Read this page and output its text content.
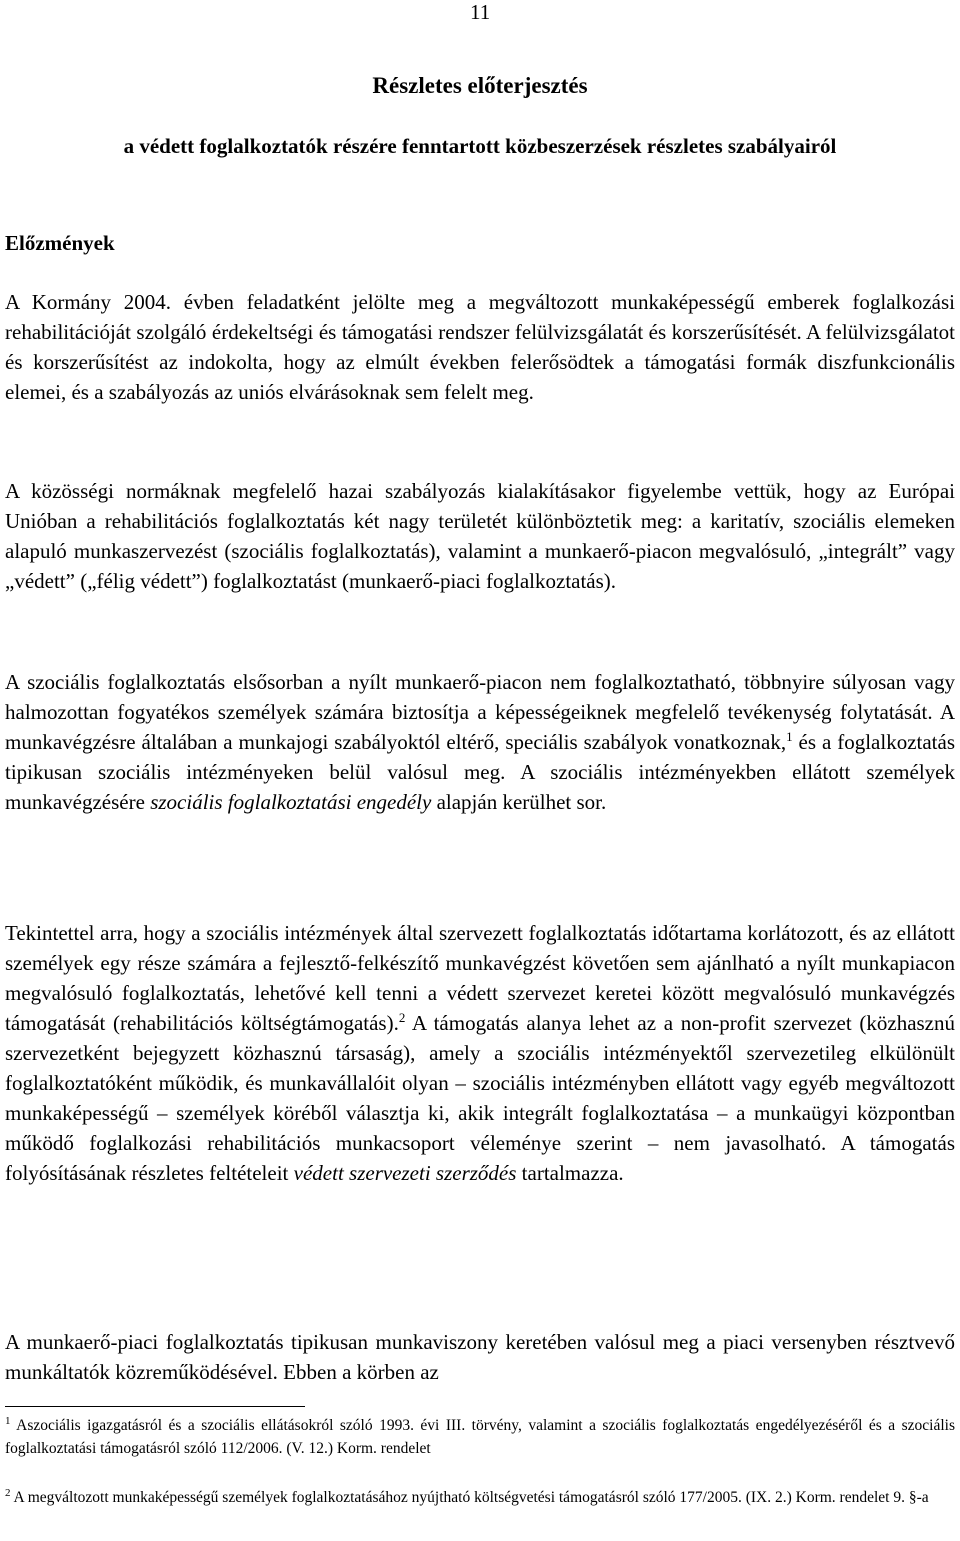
11
Részletes előterjesztés
a védett foglalkoztatók részére fenntartott közbeszerzések részletes szabályairól
Előzmények

A Kormány 2004. évben feladatként jelölte meg a megváltozott munkaképességű emberek foglalkozási rehabilitációját szolgáló érdekeltségi és támogatási rendszer felülvizsgálatát és korszerűsítését. A felülvizsgálatot és korszerűsítést az indokolta, hogy az elmúlt években felerősödtek a támogatási formák diszfunkcionális elemei, és a szabályozás az uniós elvárásoknak sem felelt meg.

A közösségi normáknak megfelelő hazai szabályozás kialakításakor figyelembe vettük, hogy az Európai Unióban a rehabilitációs foglalkoztatás két nagy területét különböztetik meg: a karitatív, szociális elemeken alapuló munkaszervezést (szociális foglalkoztatás), valamint a munkaerő-piacon megvalósuló, „integrált” vagy „védett” („félig védett”) foglalkoztatást (munkaerő-piaci foglalkoztatás).

A szociális foglalkoztatás elsősorban a nyílt munkaerő-piacon nem foglalkoztatható, többnyire súlyosan vagy halmozottan fogyatékos személyek számára biztosítja a képességeiknek megfelelő tevékenység folytatását. A munkavégzésre általában a munkajogi szabályoktól eltérő, speciális szabályok vonatkoznak,$^1$ és a foglalkoztatás tipikusan szociális intézményeken belül valósul meg. A szociális intézményekben ellátott személyek munkavégzésére szociális foglalkoztatási engedély alapján kerülhet sor.

Tekintettel arra, hogy a szociális intézmények által szervezett foglalkoztatás időtartama korlátozott, és az ellátott személyek egy része számára a fejlesztő-felkészítő munkavégzést követően sem ajánlható a nyílt munkapiacon megvalósuló foglalkoztatás, lehetővé kell tenni a védett szervezet keretei között megvalósuló munkavégzés támogatását (rehabilitációs költségtámogatás).$^2$ A támogatás alanya lehet az a non-profit szervezet (közhasznú szervezetként bejegyzett közhasznú társaság), amely a szociális intézményektől szervezetileg elkülönült foglalkoztatóként működik, és munkavállalóit olyan – szociális intézményben ellátott vagy egyéb megváltozott munkaképességű – személyek köréből választja ki, akik integrált foglalkoztatása – a munkaügyi központban működő foglalkozási rehabilitációs munkacsoport véleménye szerint – nem javasolható. A támogatás folyósításának részletes feltételeit védett szervezeti szerződés tartalmazza.

A munkaerő-piaci foglalkoztatás tipikusan munkaviszony keretében valósul meg a piaci versenyben résztvevő munkáltatók közreműködésével. Ebben a körben az

$^1$ Aszociális igazgatásról és a szociális ellátásokról szóló 1993. évi III. törvény, valamint a szociális foglalkoztatás engedélyezéséről és a szociális foglalkoztatási támogatásról szóló 112/2006. (V. 12.) Korm. rendelet

$^2$ A megváltozott munkaképességű személyek foglalkoztatásához nyújtható költségvetési támogatásról szóló 177/2005. (IX. 2.) Korm. rendelet 9. §-a
